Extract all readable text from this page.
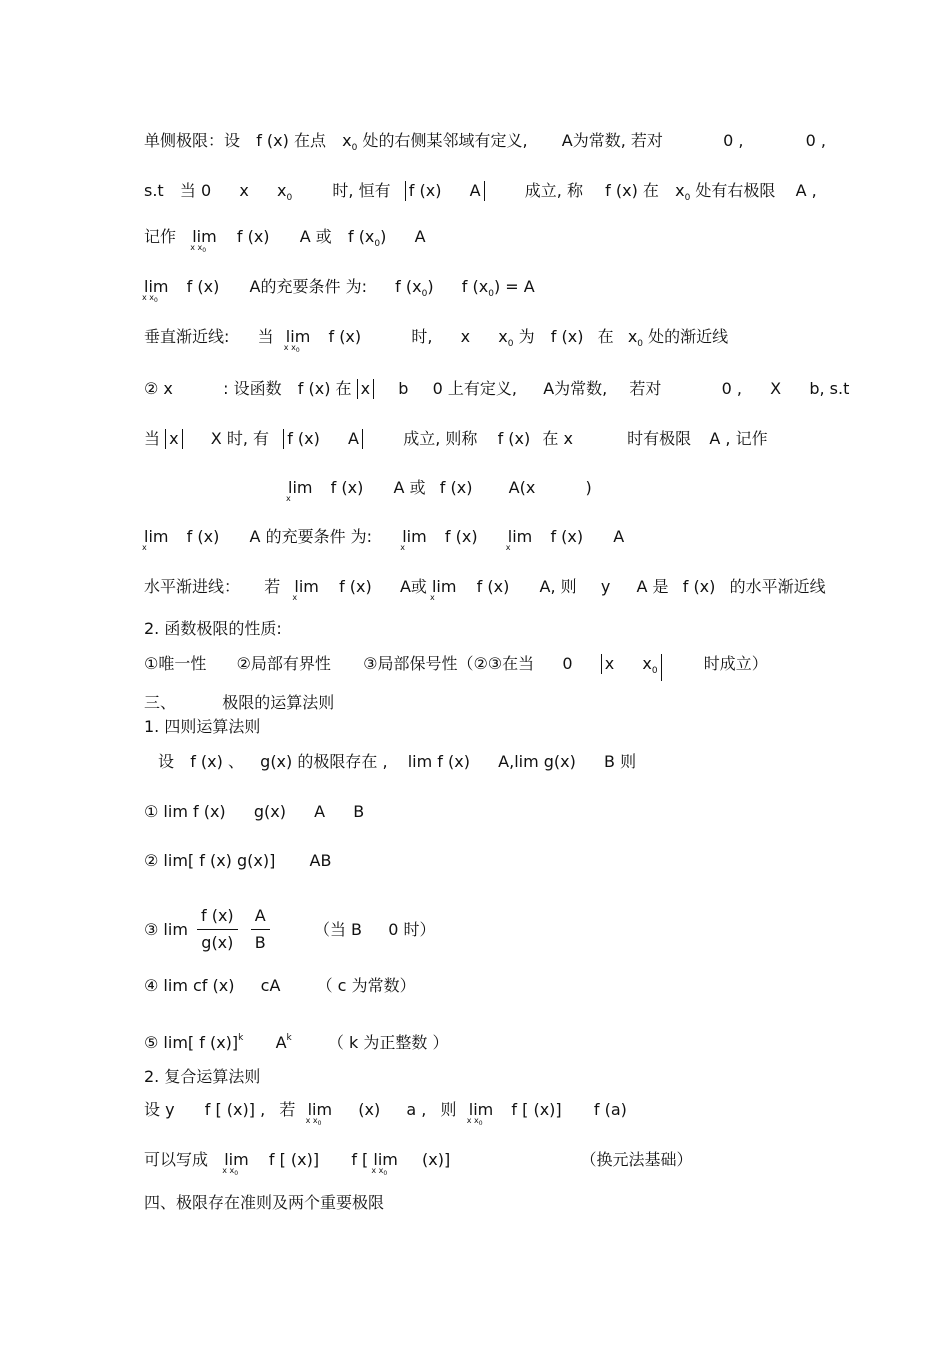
单侧极限：设 f (x) 在点 x0 处的右侧某邻域有定义, A为常数, 若对	0 ,	0 ,
s.t 当 0 x x0	时, 恒有 f (x) A	成立, 称 f (x) 在 x0 处有右极限 A ,
记作 lim
x x0
f (x) A 或 f (x0) A
lim
x x0
f (x) A的充要条件 为: f (x0) f (x0) = A
垂直渐近线: 当 lim
x x0
f (x)	时, x x0 为 f (x) 在 x0 处的渐近线
② x	: 设函数 f (x) 在 x b 0 上有定义, A为常数, 若对	0 , X b, s.t
当 x X 时, 有 f (x) A	成立, 则称 f (x) 在 x	时有极限 A , 记作
lim
x
f (x) A 或 f (x) A(x	)
lim
x
f (x) A 的充要条件 为: lim
x
f (x) lim
x
f (x) A
水平渐进线： 若 lim
x
f (x) A或 lim
x
f (x) A, 则 y A 是 f (x) 的水平渐近线
2. 函数极限的性质:
①唯一性 ②局部有界性 ③局部保号性（②③在当 0 x x0	时成立）
三、	极限的运算法则
1. 四则运算法则
设 f (x) 、 g(x) 的极限存在 , lim f (x) A,lim g(x) B 则
① lim f (x) g(x) A B
② lim[ f (x) g(x)] AB
③ $\lim \frac{f (x)}{g(x)}$
$\frac{A}{B}$	（当 B 0 时）
④ lim cf (x) cA （ c 为常数）
⑤ lim[ f (x)]k Ak （ k 为正整数 ）
2. 复合运算法则
设 y f [ (x)] , 若 lim
x x0
(x) a , 则 lim
x x0
f [ (x)] f (a)
可以写成 lim
x x0
f [ (x)] f [ lim
x x0
(x)]	（换元法基础）
四、极限存在准则及两个重要极限
